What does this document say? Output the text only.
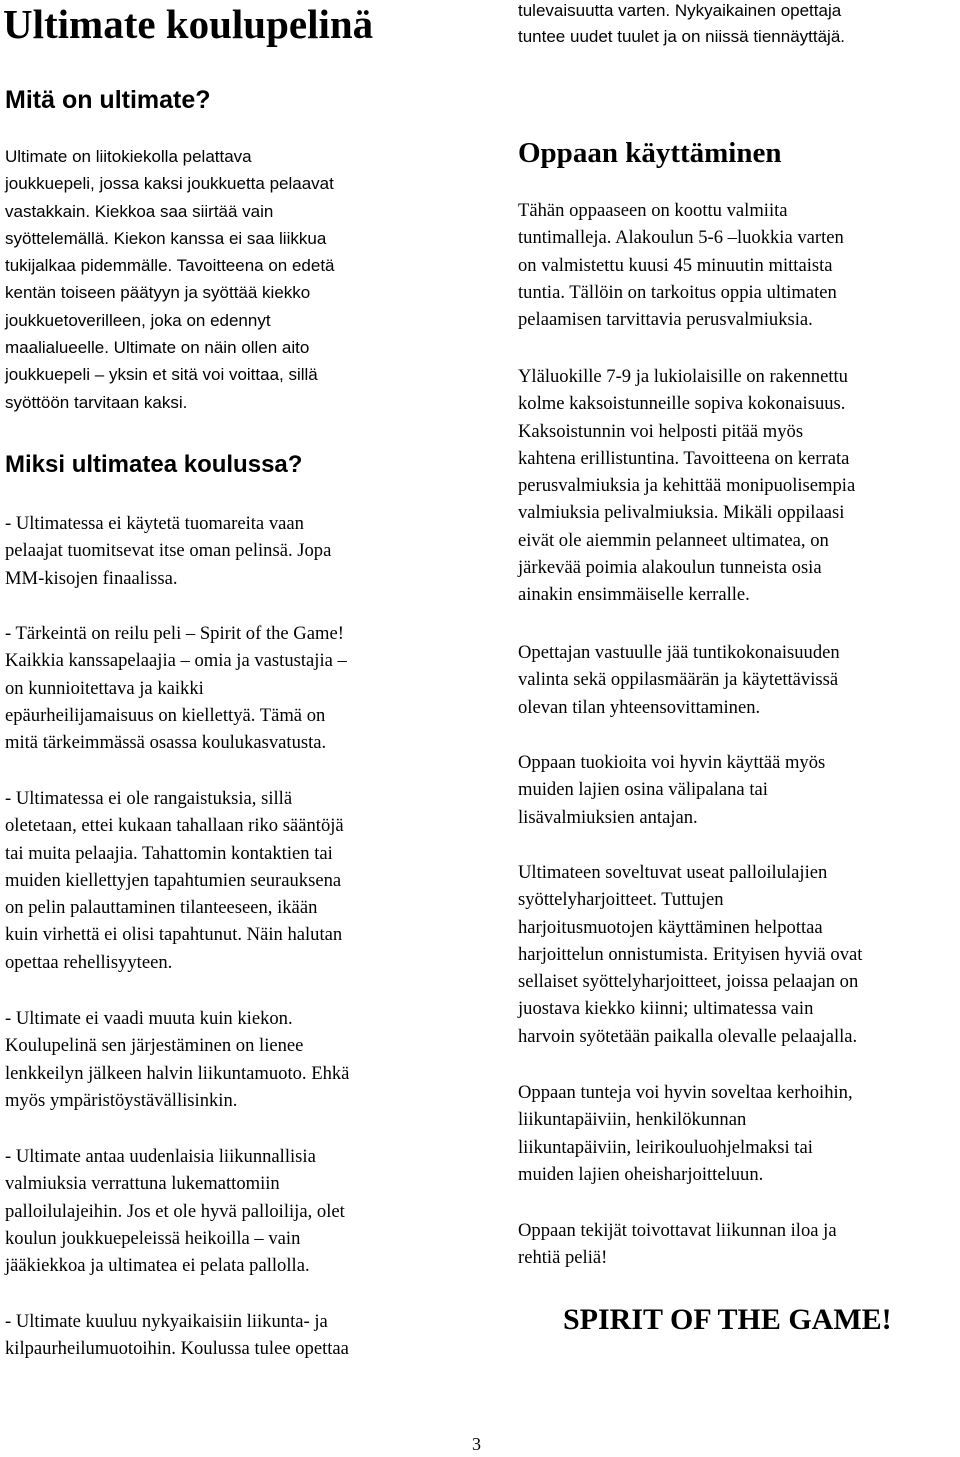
Ultimate koulupelinä
Mitä on ultimate?
Ultimate on liitokiekolla pelattava
joukkuepeli, jossa kaksi joukkuetta pelaavat
vastakkain. Kiekkoa saa siirtää vain
syöttelemällä. Kiekon kanssa ei saa liikkua
tukijalkaa pidemmälle. Tavoitteena on edetä
kentän toiseen päätyyn ja syöttää kiekko
joukkuetoverilleen, joka on edennyt
maalialueelle. Ultimate on näin ollen aito
joukkuepeli – yksin et sitä voi voittaa, sillä
syöttöön tarvitaan kaksi.
Miksi ultimatea koulussa?
- Ultimatessa ei käytetä tuomareita vaan
pelaajat tuomitsevat itse oman pelinsä. Jopa
MM-kisojen finaalissa.
- Tärkeintä on reilu peli – Spirit of the Game!
Kaikkia kanssapelaajia – omia ja vastustajia –
on kunnioitettava ja kaikki
epäurheilijamaisuus on kiellettyä. Tämä on
mitä tärkeimmässä osassa koulukasvatusta.
- Ultimatessa ei ole rangaistuksia, sillä
oletetaan, ettei kukaan tahallaan riko sääntöjä
tai muita pelaajia. Tahattomin kontaktien tai
muiden kiellettyjen tapahtumien seurauksena
on pelin palauttaminen tilanteeseen, ikään
kuin virhettä ei olisi tapahtunut. Näin halutan
opettaa rehellisyyteen.
- Ultimate ei vaadi muuta kuin kiekon.
Koulupelinä sen järjestäminen on lienee
lenkkeilyn jälkeen halvin liikuntamuoto. Ehkä
myös ympäristöystävällisinkin.
- Ultimate antaa uudenlaisia liikunnallisia
valmiuksia verrattuna lukemattomiin
palloilulajeihin. Jos et ole hyvä palloilija, olet
koulun joukkuepeleissä heikoilla – vain
jääkiekkoa ja ultimatea ei pelata pallolla.
- Ultimate kuuluu nykyaikaisiin liikunta- ja
kilpaurheilumuotoihin. Koulussa tulee opettaa
tulevaisuutta varten. Nykyaikainen opettaja
tuntee uudet tuulet ja on niissä tiennäyttäjä.
Oppaan käyttäminen
Tähän oppaaseen on koottu valmiita
tuntimalleja. Alakoulun 5-6 –luokkia varten
on valmistettu kuusi 45 minuutin mittaista
tuntia. Tällöin on tarkoitus oppia ultimaten
pelaamisen tarvittavia perusvalmiuksia.
Yläluokille 7-9 ja lukiolaisille on rakennettu
kolme kaksoistunneille sopiva kokonaisuus.
Kaksoistunnin voi helposti pitää myös
kahtena erillistuntina. Tavoitteena on kerrata
perusvalmiuksia ja kehittää monipuolisempia
valmiuksia pelivalmiuksia. Mikäli oppilaasi
eivät ole aiemmin pelanneet ultimatea, on
järkevää poimia alakoulun tunneista osia
ainakin ensimmäiselle kerralle.
Opettajan vastuulle jää tuntikokonaisuuden
valinta sekä oppilasmäärän ja käytettävissä
olevan tilan yhteensovittaminen.
Oppaan tuokioita voi hyvin käyttää myös
muiden lajien osina välipalana tai
lisävalmiuksien antajan.
Ultimateen soveltuvat useat palloilulajien
syöttelyharjoitteet. Tuttujen
harjoitusmuotojen käyttäminen helpottaa
harjoittelun onnistumista. Erityisen hyviä ovat
sellaiset syöttelyharjoitteet, joissa pelaajan on
juostava kiekko kiinni; ultimatessa vain
harvoin syötetään paikalla olevalle pelaajalla.
Oppaan tunteja voi hyvin soveltaa kerhoihin,
liikuntapäiviin, henkilökunnan
liikuntapäiviin, leirikouluohjelmaksi tai
muiden lajien oheisharjoitteluun.
Oppaan tekijät toivottavat liikunnan iloa ja
rehtiä peliä!
SPIRIT OF THE GAME!
3
